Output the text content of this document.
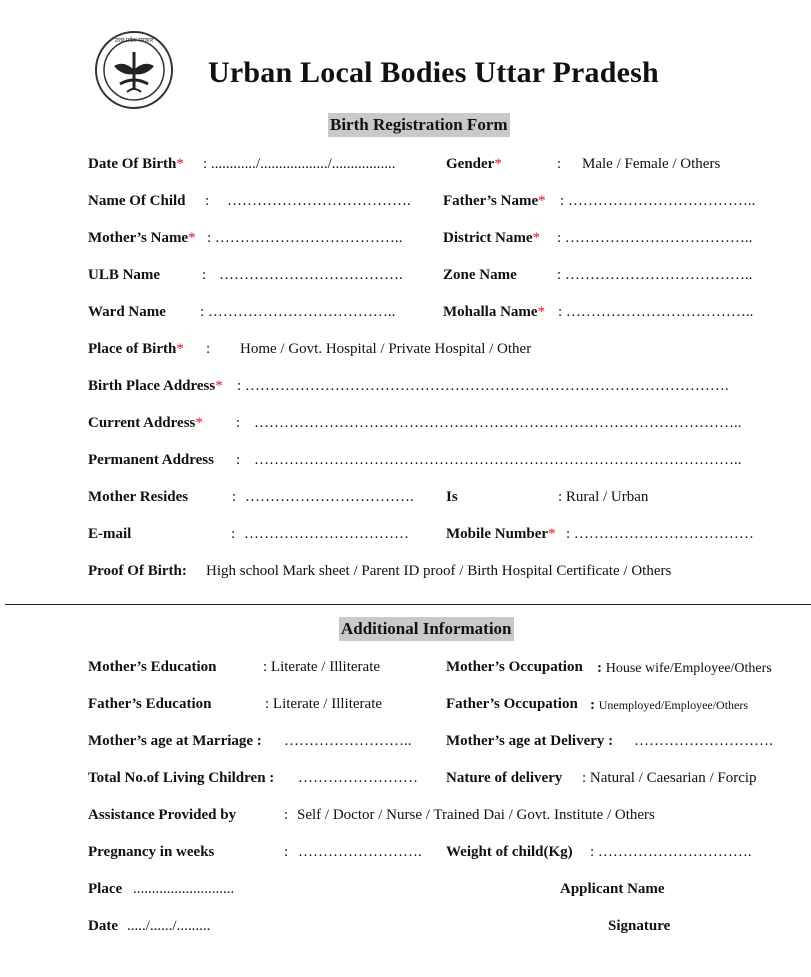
उत्तर प्रदेश सरकार
Urban Local Bodies Uttar Pradesh
Birth Registration Form
Date Of Birth* : ............/................../.................	Gender*	: Male / Female / Others
Name Of Child : ………………………………. Father’s Name* : ………………………………..
Mother’s Name* : ………………………………..	District Name* : ………………………………..
ULB Name	: ……………………………….	Zone Name	: ………………………………..
Ward Name : ………………………………..	Mohalla Name* : ………………………………..
Place of Birth* : Home / Govt. Hospital / Private Hospital / Other
Birth Place Address* : …………………………………………………………………………………….
Current Address* : ……………………………………………………………………………………..
Permanent Address : ……………………………………………………………………………………..
Mother Resides	: ……………………………. Is	: Rural / Urban
E-mail	: …………………………… Mobile Number* : ………………………………
Proof Of Birth: High school Mark sheet / Parent ID proof / Birth Hospital Certificate / Others
Additional Information
Mother’s Education	: Literate / Illiterate	Mother’s Occupation : House wife/Employee/Others
Father’s Education	: Literate / Illiterate	Father’s Occupation : Unemployed/Employee/Others
Mother’s age at Marriage : …………………….. Mother’s age at Delivery : ……………………….
Total No.of Living Children : …………………… Nature of delivery : Natural / Caesarian / Forcip
Assistance Provided by	: Self / Doctor / Nurse / Trained Dai / Govt. Institute / Others
Pregnancy in weeks	: ……………………. Weight of child(Kg) : ………………………….
Place ...........................	Applicant Name
Date ...../....../.........	Signature
